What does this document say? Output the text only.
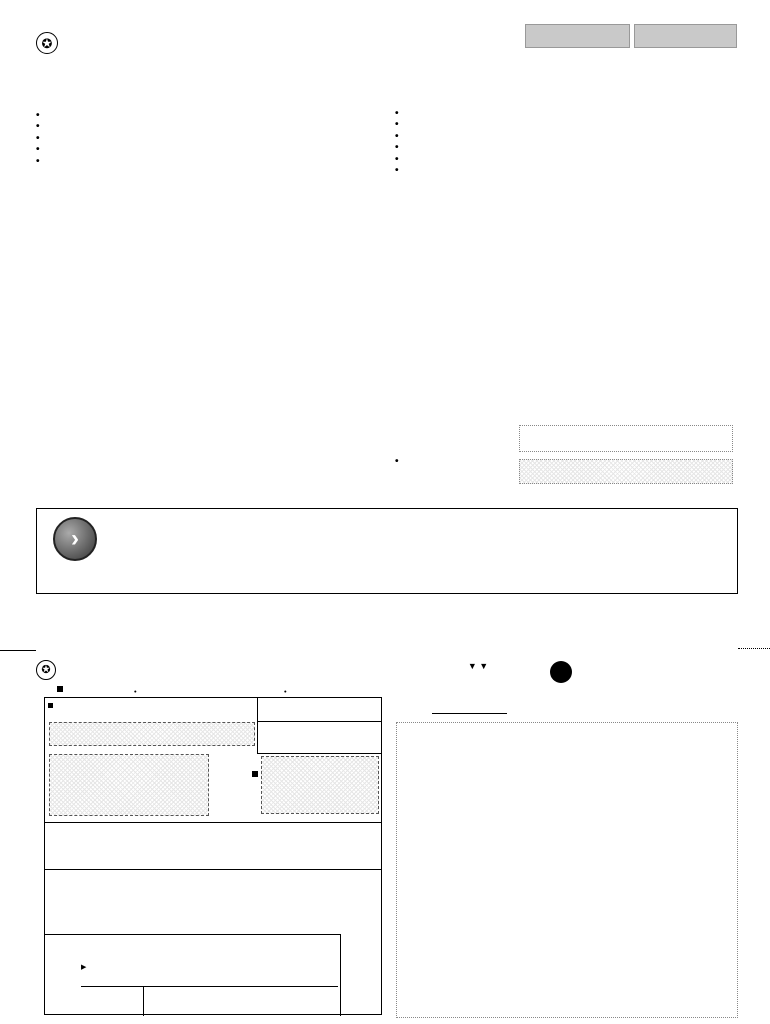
✪

•
•
•
•
•

•
•
•
•
•
•
•
›
✪	▼ ▼
•	•
▶
